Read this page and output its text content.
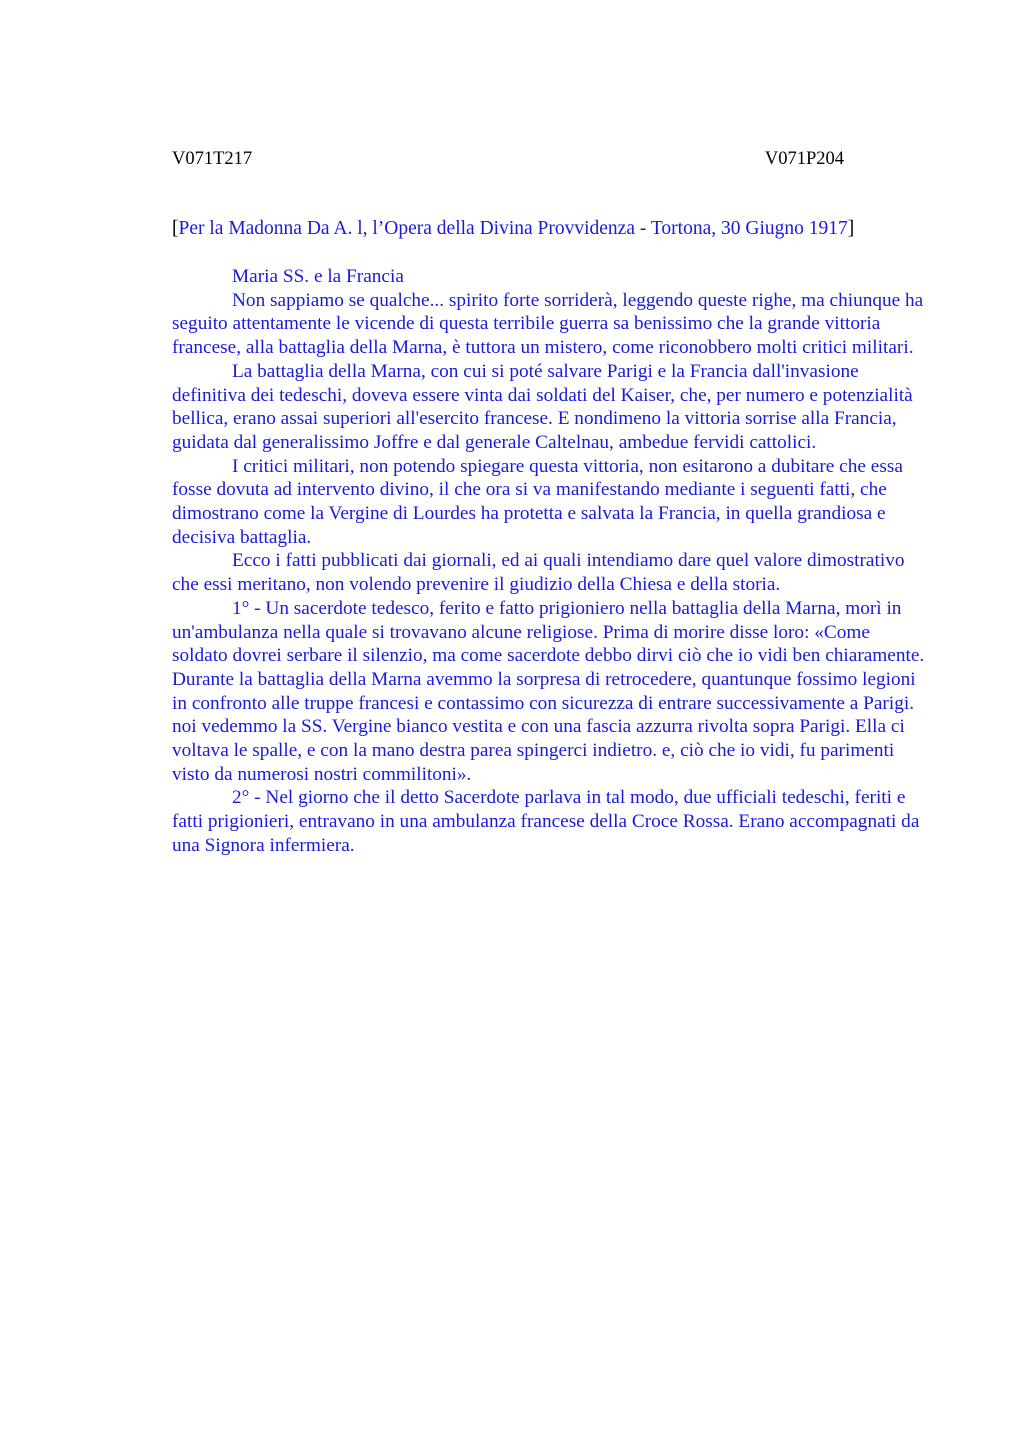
V071T217	V071P204
[Per la Madonna Da A. l, l’Opera della Divina Provvidenza - Tortona, 30 Giugno 1917]

Maria SS. e la Francia

Non sappiamo se qualche... spirito forte sorriderà, leggendo queste righe, ma chiunque ha seguito attentamente le vicende di questa terribile guerra sa benissimo che la grande vittoria francese, alla battaglia della Marna, è tuttora un mistero, come riconobbero molti critici militari.

La battaglia della Marna, con cui si poté salvare Parigi e la Francia dall'invasione definitiva dei tedeschi, doveva essere vinta dai soldati del Kaiser, che, per numero e potenzialità bellica, erano assai superiori all'esercito francese. E nondimeno la vittoria sorrise alla Francia, guidata dal generalissimo Joffre e dal generale Caltelnau, ambedue fervidi cattolici.

I critici militari, non potendo spiegare questa vittoria, non esitarono a dubitare che essa fosse dovuta ad intervento divino, il che ora si va manifestando mediante i seguenti fatti, che dimostrano come la Vergine di Lourdes ha protetta e salvata la Francia, in quella grandiosa e decisiva battaglia.

Ecco i fatti pubblicati dai giornali, ed ai quali intendiamo dare quel valore dimostrativo che essi meritano, non volendo prevenire il giudizio della Chiesa e della storia.

1° - Un sacerdote tedesco, ferito e fatto prigioniero nella battaglia della Marna, morì in un'ambulanza nella quale si trovavano alcune religiose. Prima di morire disse loro: «Come soldato dovrei serbare il silenzio, ma come sacerdote debbo dirvi ciò che io vidi ben chiaramente. Durante la battaglia della Marna avemmo la sorpresa di retrocedere, quantunque fossimo legioni in confronto alle truppe francesi e contassimo con sicurezza di entrare successivamente a Parigi. noi vedemmo la SS. Vergine bianco vestita e con una fascia azzurra rivolta sopra Parigi. Ella ci voltava le spalle, e con la mano destra parea spingerci indietro. e, ciò che io vidi, fu parimenti visto da numerosi nostri commilitoni».

2° - Nel giorno che il detto Sacerdote parlava in tal modo, due ufficiali tedeschi, feriti e fatti prigionieri, entravano in una ambulanza francese della Croce Rossa. Erano accompagnati da una Signora infermiera.
